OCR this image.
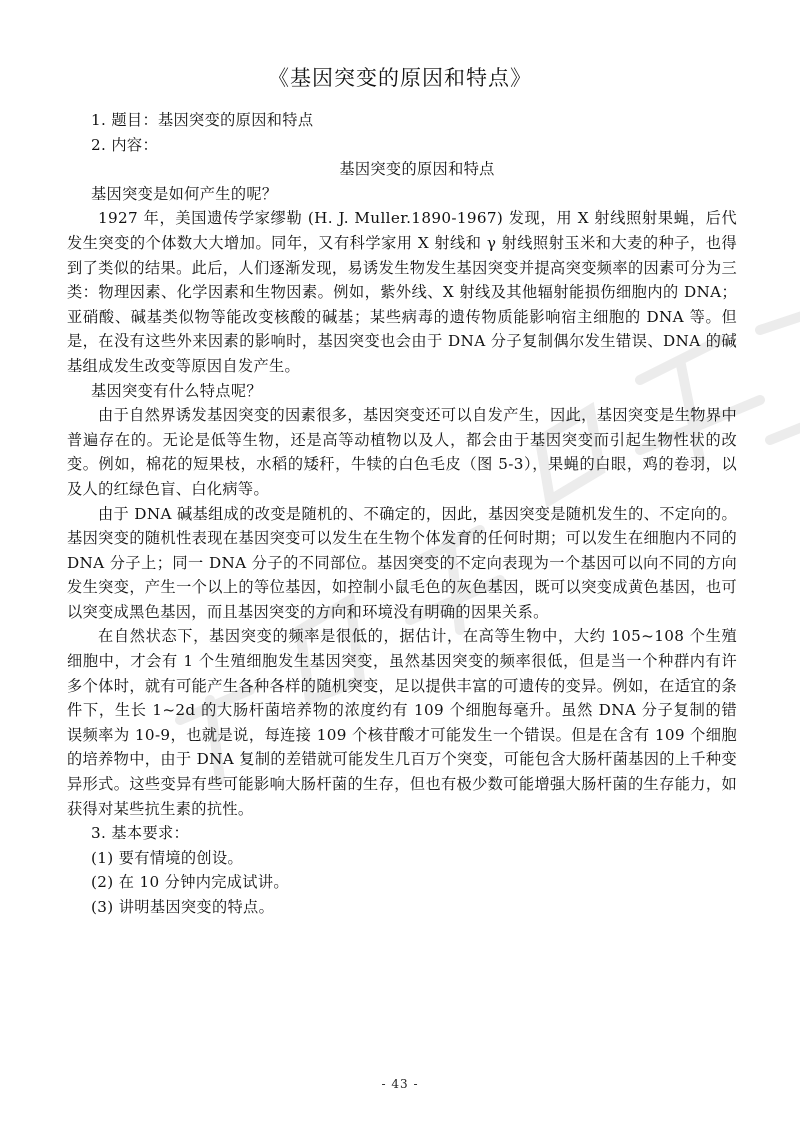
《基因突变的原因和特点》

1. 题目：基因突变的原因和特点

2. 内容：

基因突变的原因和特点

基因突变是如何产生的呢？

1927 年，美国遗传学家缪勒 (H. J. Muller.1890-1967) 发现，用 X 射线照射果蝇，后代发生突变的个体数大大增加。同年，又有科学家用 X 射线和 γ 射线照射玉米和大麦的种子，也得到了类似的结果。此后，人们逐渐发现，易诱发生物发生基因突变并提高突变频率的因素可分为三类：物理因素、化学因素和生物因素。例如，紫外线、X 射线及其他辐射能损伤细胞内的 DNA；亚硝酸、碱基类似物等能改变核酸的碱基；某些病毒的遗传物质能影响宿主细胞的 DNA 等。但是，在没有这些外来因素的影响时，基因突变也会由于 DNA 分子复制偶尔发生错误、DNA 的碱基组成发生改变等原因自发产生。

基因突变有什么特点呢？

由于自然界诱发基因突变的因素很多，基因突变还可以自发产生，因此，基因突变是生物界中普遍存在的。无论是低等生物，还是高等动植物以及人，都会由于基因突变而引起生物性状的改变。例如，棉花的短果枝，水稻的矮秆，牛犊的白色毛皮（图 5-3），果蝇的白眼，鸡的卷羽，以及人的红绿色盲、白化病等。

由于 DNA 碱基组成的改变是随机的、不确定的，因此，基因突变是随机发生的、不定向的。基因突变的随机性表现在基因突变可以发生在生物个体发育的任何时期；可以发生在细胞内不同的 DNA 分子上；同一 DNA 分子的不同部位。基因突变的不定向表现为一个基因可以向不同的方向发生突变，产生一个以上的等位基因，如控制小鼠毛色的灰色基因，既可以突变成黄色基因，也可以突变成黑色基因，而且基因突变的方向和环境没有明确的因果关系。

在自然状态下，基因突变的频率是很低的，据估计，在高等生物中，大约 105~108 个生殖细胞中，才会有 1 个生殖细胞发生基因突变，虽然基因突变的频率很低，但是当一个种群内有许多个体时，就有可能产生各种各样的随机突变，足以提供丰富的可遗传的变异。例如，在适宜的条件下，生长 1~2d 的大肠杆菌培养物的浓度约有 109 个细胞每毫升。虽然 DNA 分子复制的错误频率为 10-9，也就是说，每连接 109 个核苷酸才可能发生一个错误。但是在含有 109 个细胞的培养物中，由于 DNA 复制的差错就可能发生几百万个突变，可能包含大肠杆菌基因的上千种变异形式。这些变异有些可能影响大肠杆菌的生存，但也有极少数可能增强大肠杆菌的生存能力，如获得对某些抗生素的抗性。

3. 基本要求：

(1) 要有情境的创设。

(2) 在 10 分钟内完成试讲。

(3) 讲明基因突变的特点。

- 43 -
